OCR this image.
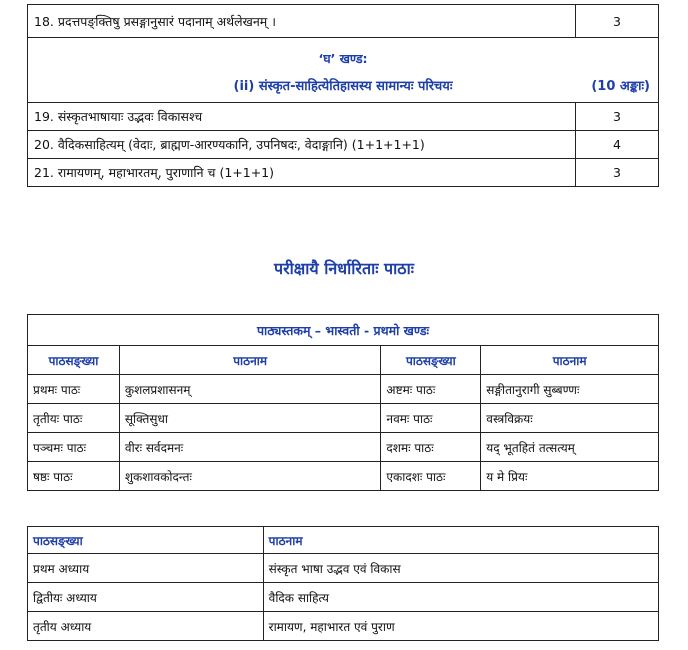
18. प्रदत्तपङ्क्तिषु प्रसङ्गानुसारं पदानाम् अर्थलेखनम् ।	3

‘घ’ खण्ड:
(ii) संस्कृत-साहित्येतिहासस्य सामान्यः परिचयः (10 अङ्काः)	

19. संस्कृतभाषायाः उद्भवः विकासश्च	3
20. वैदिकसाहित्यम् (वेदाः, ब्राह्मण-आरण्यकानि, उपनिषदः, वेदाङ्गानि) (1+1+1+1)	4
21. रामायणम्, महाभारतम्, पुराणानि च (1+1+1)	3
परीक्षायै निर्धारिताः पाठाः
पाठ्यस्तकम् – भास्वती - प्रथमो खण्डः			
पाठसङ्ख्या	पाठनाम	पाठसङ्ख्या	पाठनाम
प्रथमः पाठः	कुशलप्रशासनम्	अष्टमः पाठः	सङ्गीतानुरागी सुब्बण्णः
तृतीयः पाठः	सूक्तिसुधा	नवमः पाठः	वस्त्रविक्रयः
पञ्चमः पाठः	वीरः सर्वदमनः	दशमः पाठः	यद् भूतहितं तत्सत्यम्
षष्ठः पाठः	शुकशावकोदन्तः	एकादशः पाठः	य मे प्रियः
पाठसङ्ख्या	पाठनाम
प्रथम अध्याय	संस्कृत भाषा उद्भव एवं विकास
द्वितीयः अध्याय	वैदिक साहित्य
तृतीय अध्याय	रामायण, महाभारत एवं पुराण
